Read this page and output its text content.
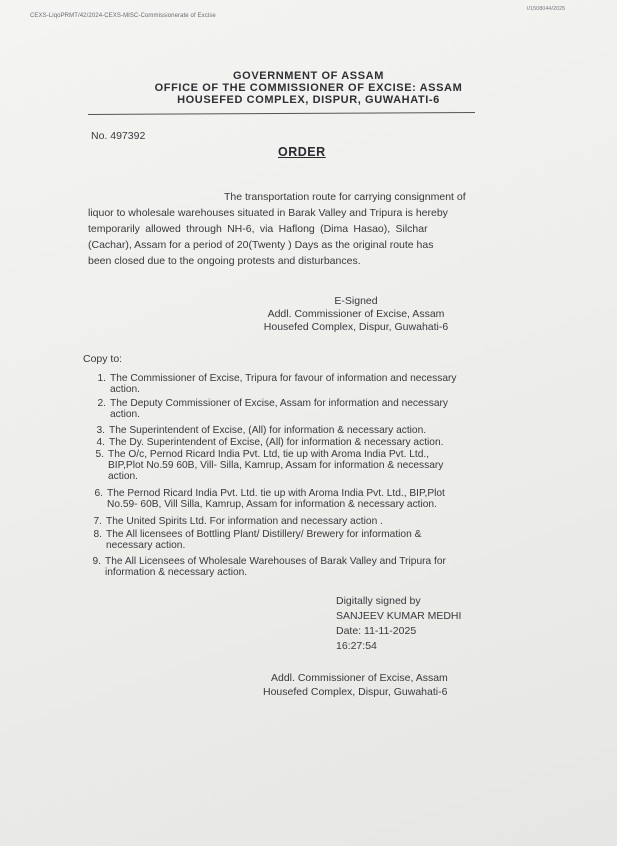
CEXS-LiqoPRMT/42/2024-CEXS-MISC-Commissionerate of Excise
I/1508044/2025
GOVERNMENT OF ASSAM
OFFICE OF THE COMMISSIONER OF EXCISE: ASSAM
HOUSEFED COMPLEX, DISPUR, GUWAHATI-6
No. 497392
ORDER
The transportation route for carrying consignment of
liquor to wholesale warehouses situated in Barak Valley and Tripura is hereby
temporarily allowed through NH-6, via Haflong (Dima Hasao), Silchar
(Cachar), Assam for a period of 20(Twenty ) Days as the original route has
been closed due to the ongoing protests and disturbances.
E-Signed
Addl. Commissioner of Excise, Assam
Housefed Complex, Dispur, Guwahati-6
Copy to:
1. The Commissioner of Excise, Tripura for favour of information and necessary
action.
2. The Deputy Commissioner of Excise, Assam for information and necessary
action.
3. The Superintendent of Excise, (All) for information & necessary action.
4. The Dy. Superintendent of Excise, (All) for information & necessary action.
5. The O/c, Pernod Ricard India Pvt. Ltd, tie up with Aroma India Pvt. Ltd.,
BIP,Plot No.59 60B, Vill- Silla, Kamrup, Assam for information & necessary
action.
6. The Pernod Ricard India Pvt. Ltd. tie up with Aroma India Pvt. Ltd., BIP,Plot
No.59- 60B, Vill Silla, Kamrup, Assam for information & necessary action.
7. The United Spirits Ltd. For information and necessary action .
8. The All licensees of Bottling Plant/ Distillery/ Brewery for information &
necessary action.
9. The All Licensees of Wholesale Warehouses of Barak Valley and Tripura for
information & necessary action.
Digitally signed by
SANJEEV KUMAR MEDHI
Date: 11-11-2025
16:27:54
Addl. Commissioner of Excise, Assam
Housefed Complex, Dispur, Guwahati-6
